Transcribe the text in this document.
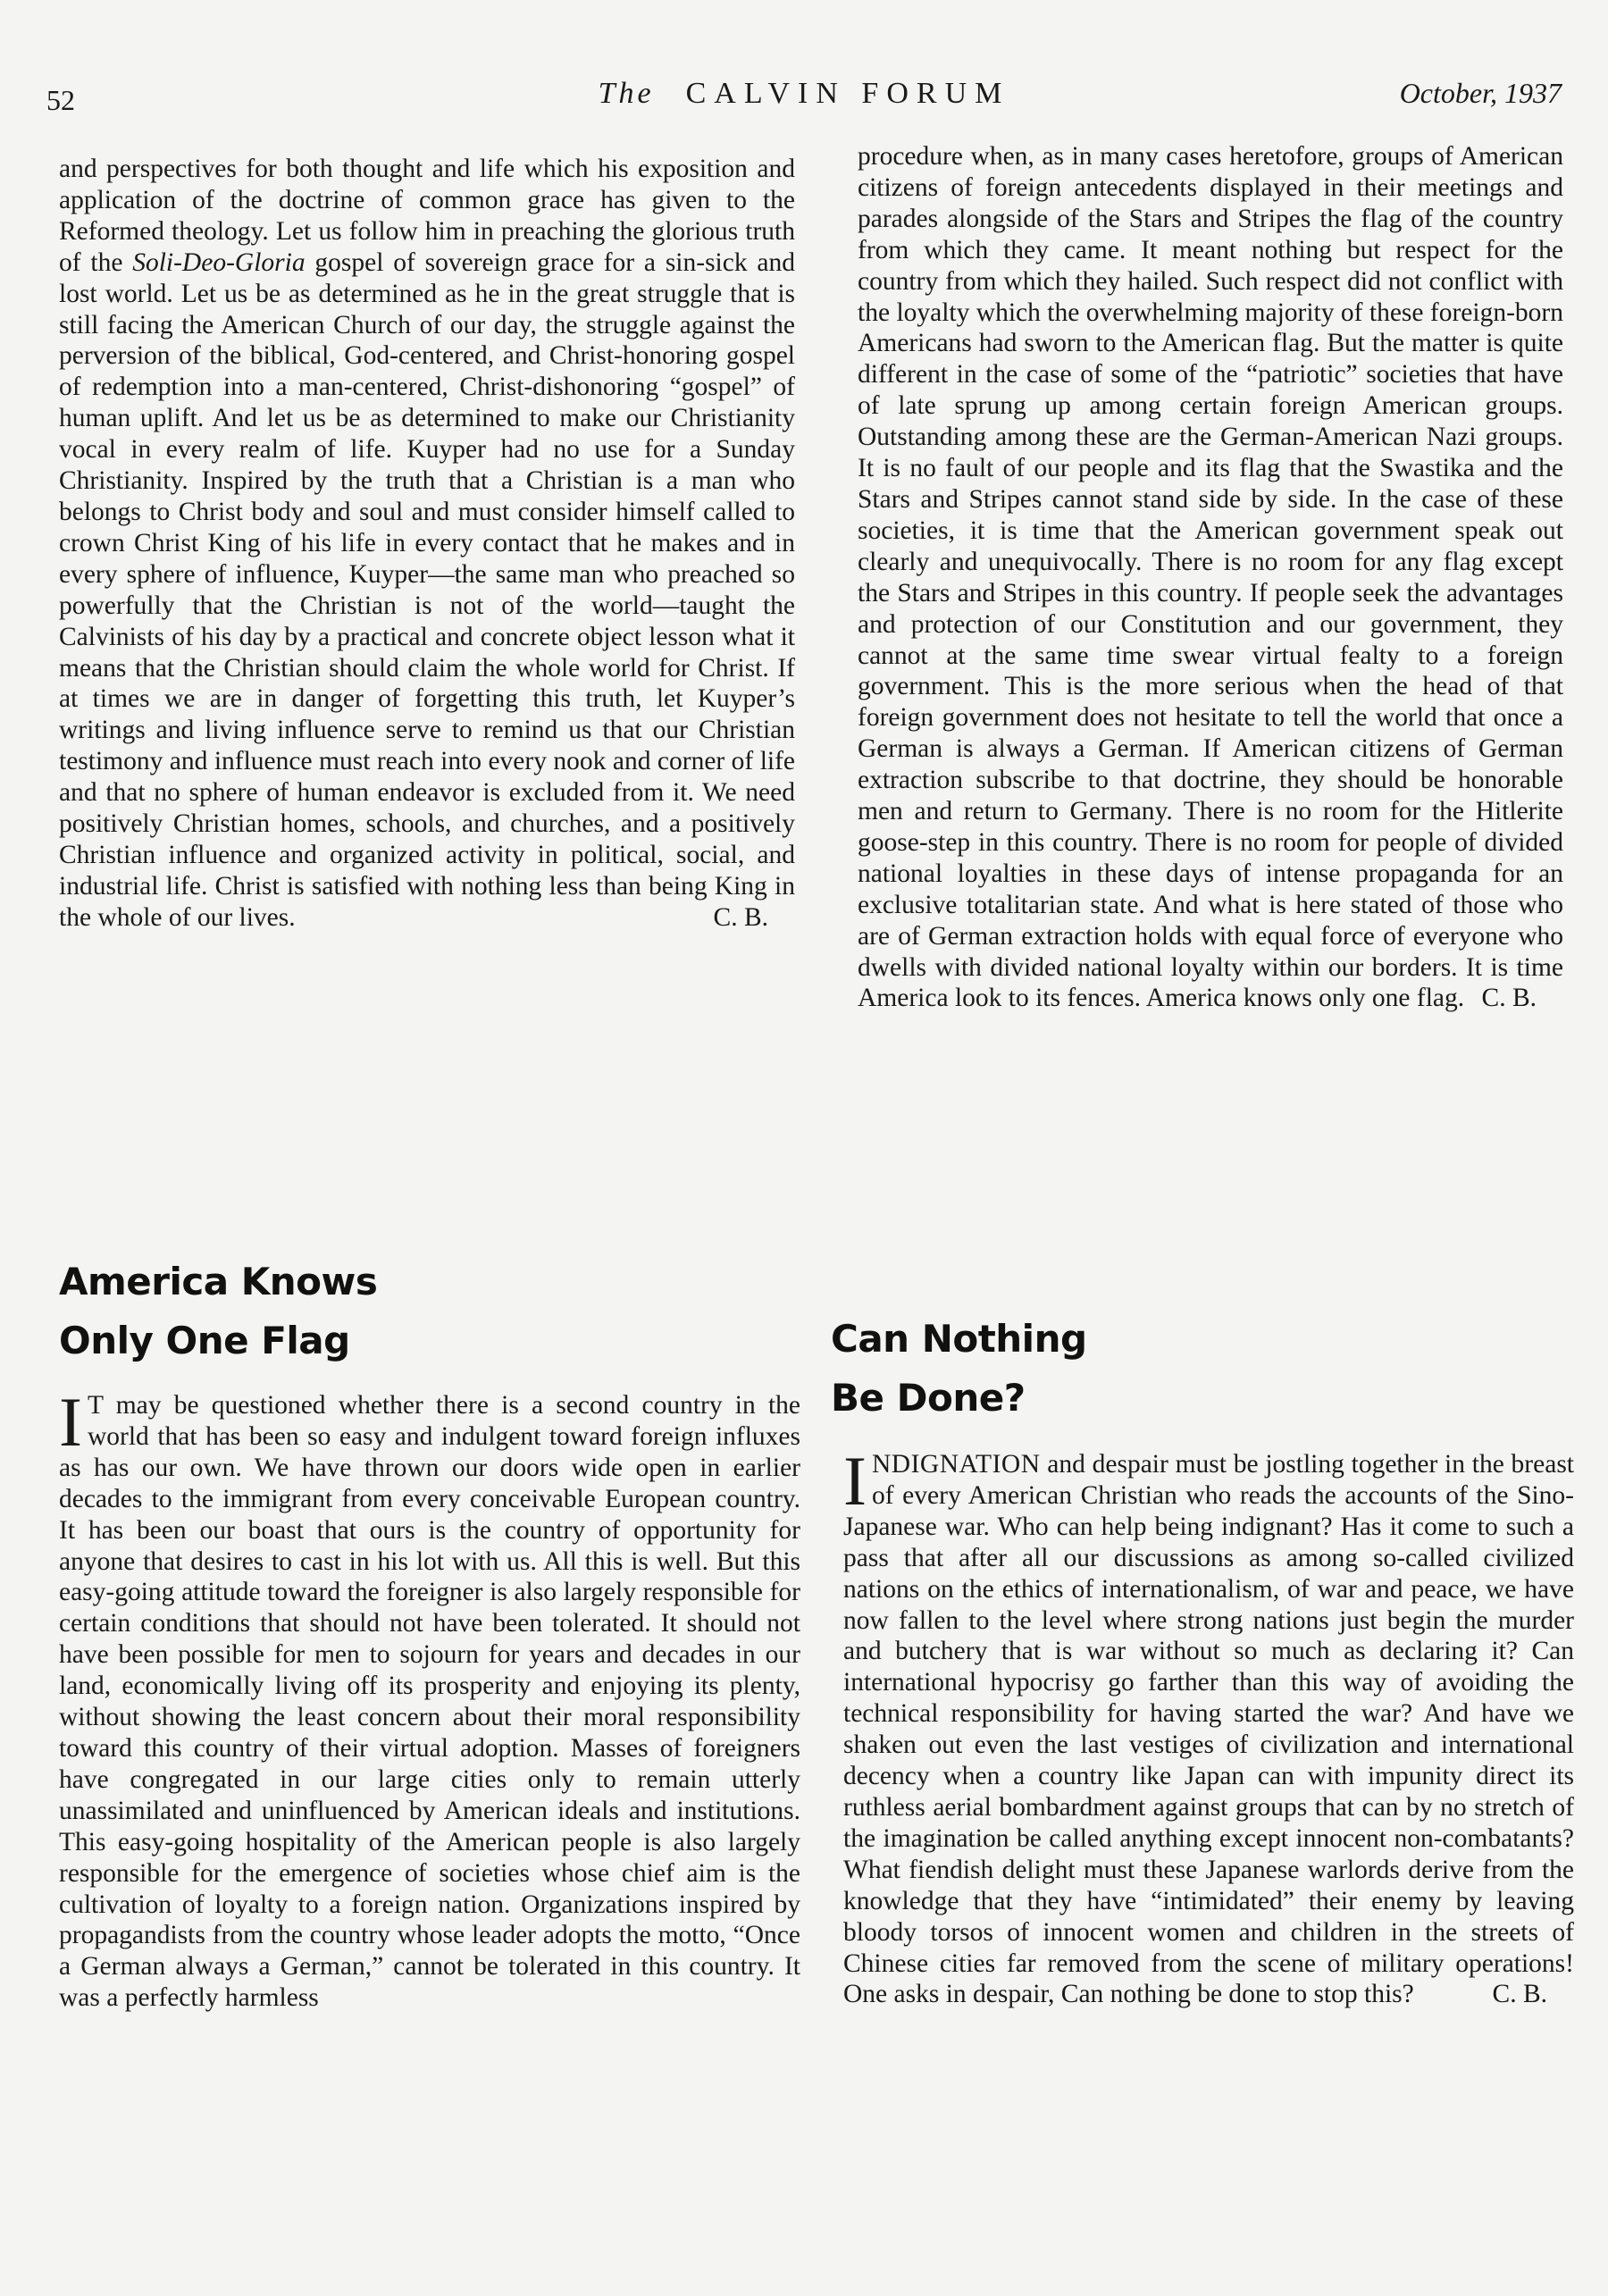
52	The CALVIN FORUM	October, 1937

and perspectives for both thought and life which his exposition and application of the doctrine of common grace has given to the Reformed theology. Let us follow him in preaching the glorious truth of the Soli-Deo-Gloria gospel of sovereign grace for a sin-sick and lost world. Let us be as determined as he in the great struggle that is still facing the American Church of our day, the struggle against the perversion of the biblical, God-centered, and Christ-honoring gospel of redemption into a man-centered, Christ-dishonoring “gospel” of human uplift. And let us be as determined to make our Christianity vocal in every realm of life. Kuyper had no use for a Sunday Christianity. Inspired by the truth that a Christian is a man who belongs to Christ body and soul and must consider himself called to crown Christ King of his life in every contact that he makes and in every sphere of influence, Kuyper—the same man who preached so powerfully that the Christian is not of the world—taught the Calvinists of his day by a practical and concrete object lesson what it means that the Christian should claim the whole world for Christ. If at times we are in danger of forgetting this truth, let Kuyper’s writings and living influence serve to remind us that our Christian testimony and influence must reach into every nook and corner of life and that no sphere of human endeavor is excluded from it. We need positively Christian homes, schools, and churches, and a positively Christian influence and organized activity in political, social, and industrial life. Christ is satisfied with nothing less than being King in the whole of our lives.	C. B.

procedure when, as in many cases heretofore, groups of American citizens of foreign antecedents displayed in their meetings and parades alongside of the Stars and Stripes the flag of the country from which they came. It meant nothing but respect for the country from which they hailed. Such respect did not conflict with the loyalty which the overwhelming majority of these foreign-born Americans had sworn to the American flag. But the matter is quite different in the case of some of the “patriotic” societies that have of late sprung up among certain foreign American groups. Outstanding among these are the German-American Nazi groups. It is no fault of our people and its flag that the Swastika and the Stars and Stripes cannot stand side by side. In the case of these societies, it is time that the American government speak out clearly and unequivocally. There is no room for any flag except the Stars and Stripes in this country. If people seek the advantages and protection of our Constitution and our government, they cannot at the same time swear virtual fealty to a foreign government. This is the more serious when the head of that foreign government does not hesitate to tell the world that once a German is always a German. If American citizens of German extraction subscribe to that doctrine, they should be honorable men and return to Germany. There is no room for the Hitlerite goose-step in this country. There is no room for people of divided national loyalties in these days of intense propaganda for an exclusive totalitarian state. And what is here stated of those who are of German extraction holds with equal force of everyone who dwells with divided national loyalty within our borders. It is time America look to its fences. America knows only one flag. C. B.
America Knows
Only One Flag

I T may be questioned whether there is a second country in the world that has been so easy and indulgent toward foreign influxes as has our own. We have thrown our doors wide open in earlier decades to the immigrant from every conceivable European country. It has been our boast that ours is the country of opportunity for anyone that desires to cast in his lot with us. All this is well. But this easy-going attitude toward the foreigner is also largely responsible for certain conditions that should not have been tolerated. It should not have been possible for men to sojourn for years and decades in our land, economically living off its prosperity and enjoying its plenty, without showing the least concern about their moral responsibility toward this country of their virtual adoption. Masses of foreigners have congregated in our large cities only to remain utterly unassimilated and uninfluenced by American ideals and institutions. This easy-going hospitality of the American people is also largely responsible for the emergence of societies whose chief aim is the cultivation of loyalty to a foreign nation. Organizations inspired by propagandists from the country whose leader adopts the motto, “Once a German always a German,” cannot be tolerated in this country. It was a perfectly harmless

Can Nothing
Be Done?

INDIGNATION and despair must be jostling together in the breast of every American Christian who reads the accounts of the Sino-Japanese war. Who can help being indignant? Has it come to such a pass that after all our discussions as among so-called civilized nations on the ethics of internationalism, of war and peace, we have now fallen to the level where strong nations just begin the murder and butchery that is war without so much as declaring it? Can international hypocrisy go farther than this way of avoiding the technical responsibility for having started the war? And have we shaken out even the last vestiges of civilization and international decency when a country like Japan can with impunity direct its ruthless aerial bombardment against groups that can by no stretch of the imagination be called anything except innocent non-combatants? What fiendish delight must these Japanese warlords derive from the knowledge that they have “intimidated” their enemy by leaving bloody torsos of innocent women and children in the streets of Chinese cities far removed from the scene of military operations! One asks in despair, Can nothing be done to stop this?	C. B.
